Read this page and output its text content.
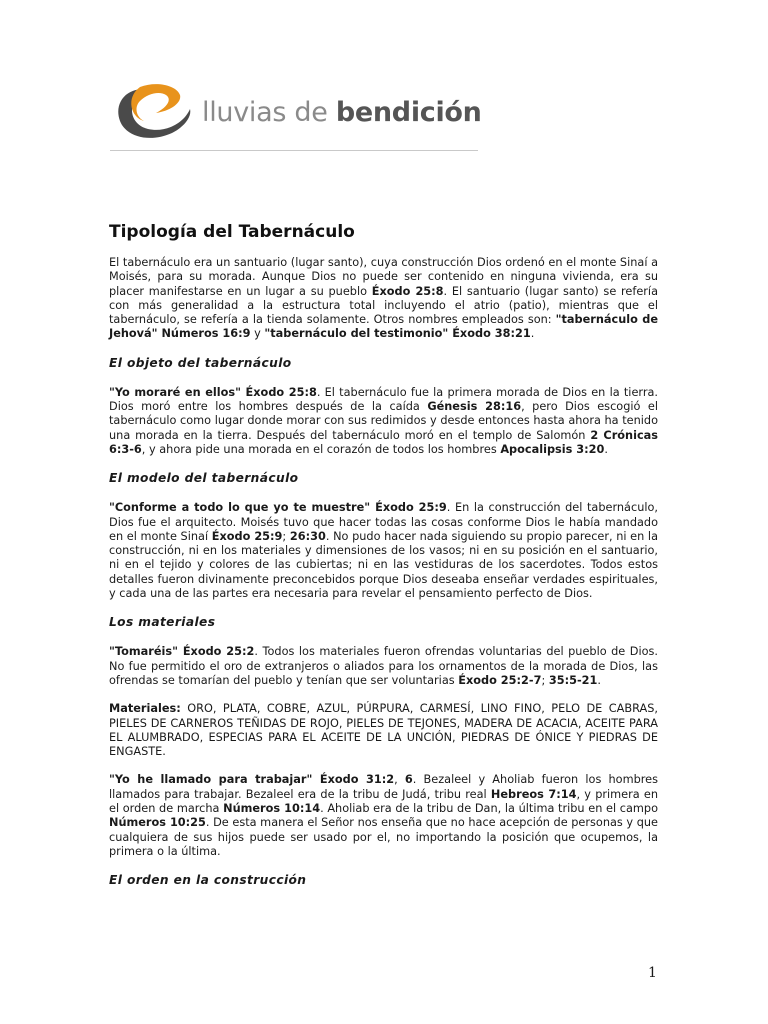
lluvias de bendición
Tipología del Tabernáculo

El tabernáculo era un santuario (lugar santo), cuya construcción Dios ordenó en el monte Sinaí a Moisés, para su morada. Aunque Dios no puede ser contenido en ninguna vivienda, era su placer manifestarse en un lugar a su pueblo Éxodo 25:8. El santuario (lugar santo) se refería con más generalidad a la estructura total incluyendo el atrio (patio), mientras que el tabernáculo, se refería a la tienda solamente. Otros nombres empleados son: "tabernáculo de Jehová" Números 16:9 y "tabernáculo del testimonio" Éxodo 38:21.

El objeto del tabernáculo

"Yo moraré en ellos" Éxodo 25:8. El tabernáculo fue la primera morada de Dios en la tierra. Dios moró entre los hombres después de la caída Génesis 28:16, pero Dios escogió el tabernáculo como lugar donde morar con sus redimidos y desde entonces hasta ahora ha tenido una morada en la tierra. Después del tabernáculo moró en el templo de Salomón 2 Crónicas 6:3-6, y ahora pide una morada en el corazón de todos los hombres Apocalipsis 3:20.

El modelo del tabernáculo

"Conforme a todo lo que yo te muestre" Éxodo 25:9. En la construcción del tabernáculo, Dios fue el arquitecto. Moisés tuvo que hacer todas las cosas conforme Dios le había mandado en el monte Sinaí Éxodo 25:9; 26:30. No pudo hacer nada siguiendo su propio parecer, ni en la construcción, ni en los materiales y dimensiones de los vasos; ni en su posición en el santuario, ni en el tejido y colores de las cubiertas; ni en las vestiduras de los sacerdotes. Todos estos detalles fueron divinamente preconcebidos porque Dios deseaba enseñar verdades espirituales, y cada una de las partes era necesaria para revelar el pensamiento perfecto de Dios.

Los materiales

"Tomaréis" Éxodo 25:2. Todos los materiales fueron ofrendas voluntarias del pueblo de Dios. No fue permitido el oro de extranjeros o aliados para los ornamentos de la morada de Dios, las ofrendas se tomarían del pueblo y tenían que ser voluntarias Éxodo 25:2-7; 35:5-21.

Materiales: ORO, PLATA, COBRE, AZUL, PÚRPURA, CARMESÍ, LINO FINO, PELO DE CABRAS, PIELES DE CARNEROS TEÑIDAS DE ROJO, PIELES DE TEJONES, MADERA DE ACACIA, ACEITE PARA EL ALUMBRADO, ESPECIAS PARA EL ACEITE DE LA UNCIÓN, PIEDRAS DE ÓNICE Y PIEDRAS DE ENGASTE.

"Yo he llamado para trabajar" Éxodo 31:2, 6. Bezaleel y Aholiab fueron los hombres llamados para trabajar. Bezaleel era de la tribu de Judá, tribu real Hebreos 7:14, y primera en el orden de marcha Números 10:14. Aholiab era de la tribu de Dan, la última tribu en el campo Números 10:25. De esta manera el Señor nos enseña que no hace acepción de personas y que cualquiera de sus hijos puede ser usado por el, no importando la posición que ocupemos, la primera o la última.

El orden en la construcción
1
